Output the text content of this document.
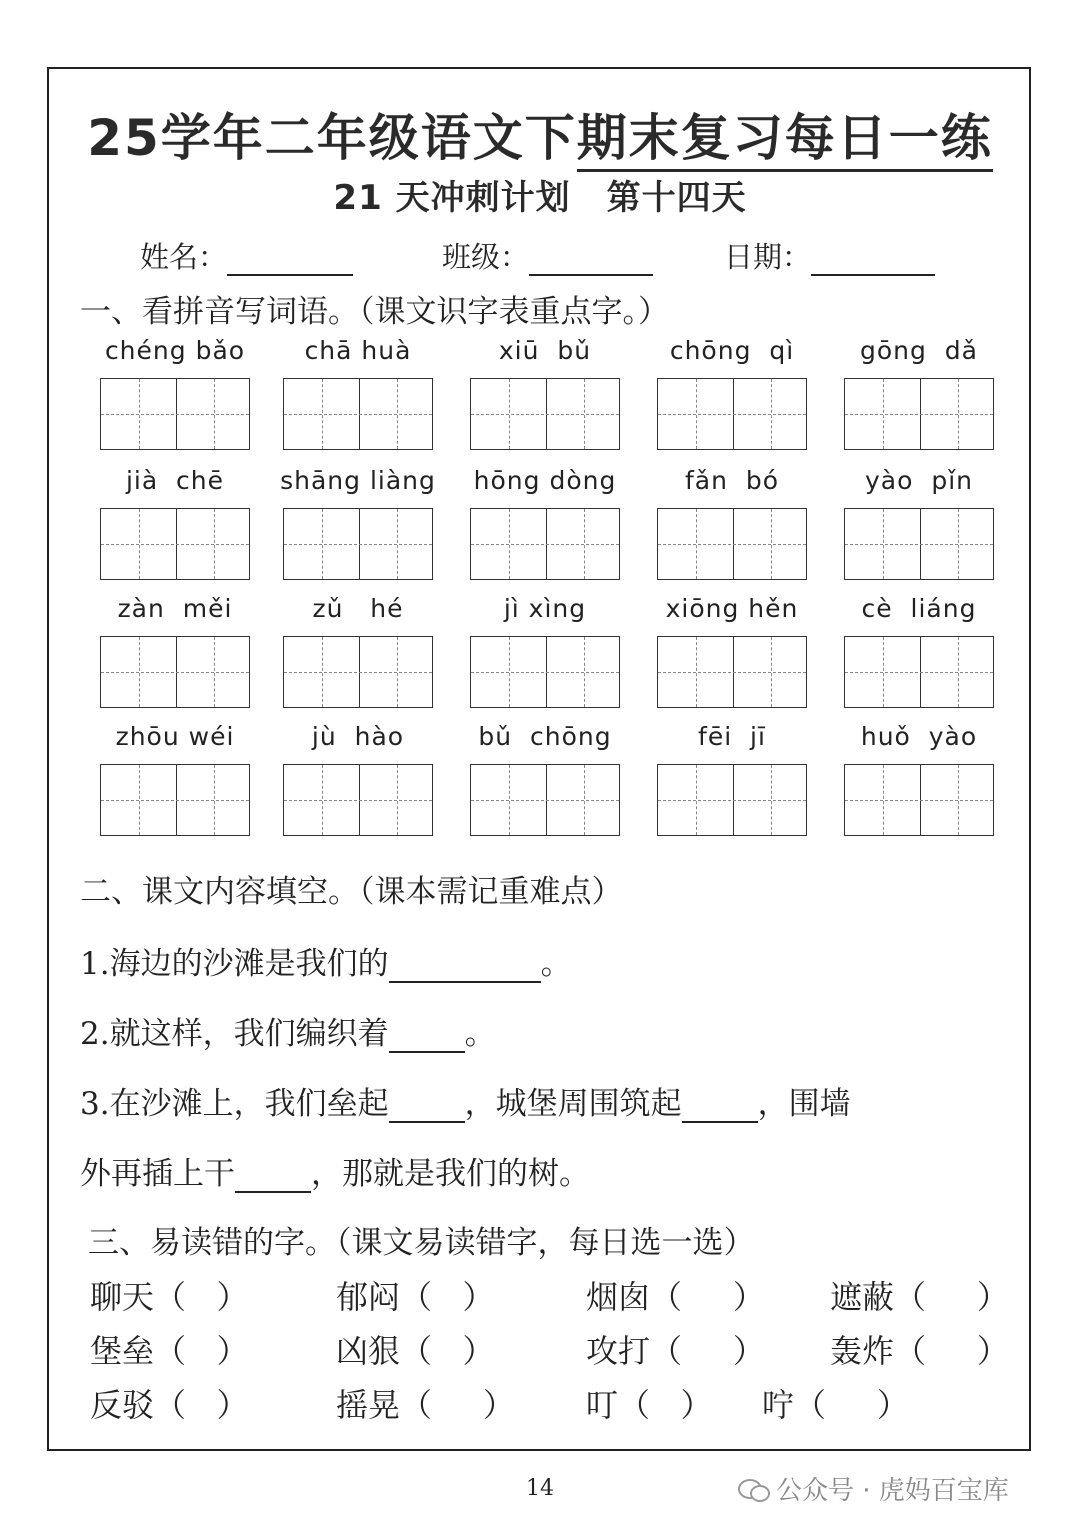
25学年二年级语文下期末复习每日一练
21 天冲刺计划 第十四天
姓名：	班级：	日期：
一、看拼音写词语。（课文识字表重点字。）
chéng bǎo	chā huà	xiū  bǔ	chōng  qì	gōng  dǎ
jià  chē	shāng liàng	hōng dòng	fǎn  bó	yào  pǐn
zàn  měi	zǔ   hé	jì xìng	xiōng hěn	cè  liáng
zhōu wéi	jù  hào	bǔ  chōng	fēi  jī	huǒ  yào
二、课文内容填空。（课本需记重难点）
1.海边的沙滩是我们的	。
2.就这样，我们编织着 。
3.在沙滩上，我们垒起 ，城堡周围筑起 ，围墙
外再插上干 ，那就是我们的树。
三、易读错的字。（课文易读错字，每日选一选）
聊天（   ）	郁闷（   ）	烟囱（     ） 遮蔽（     ）
堡垒（   ）	凶狠（   ）	攻打（     ） 轰炸（     ）
反驳（   ）	摇晃（     ） 叮（   ） 咛（     ）
14	公众号 · 虎妈百宝库
